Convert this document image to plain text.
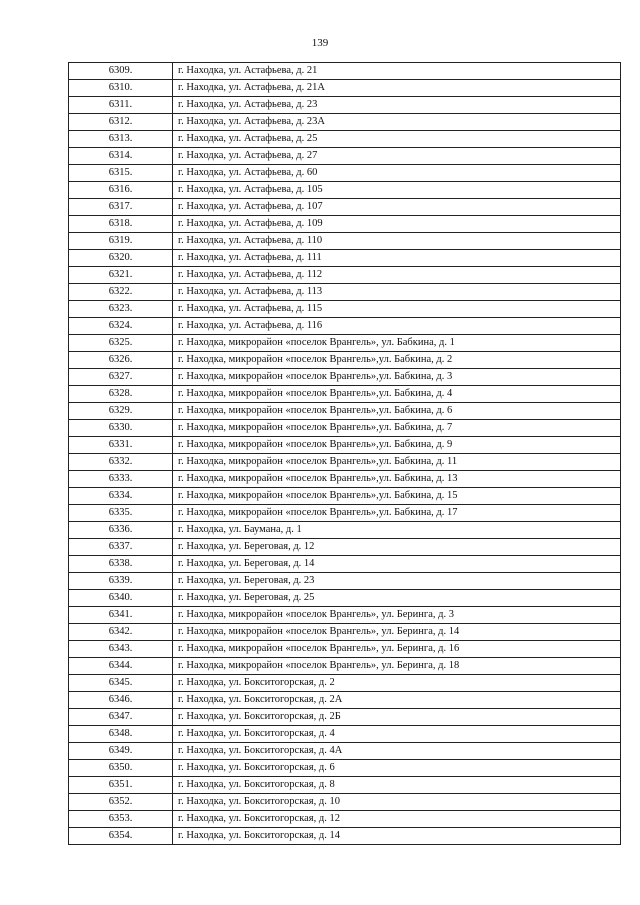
139
6309.	г. Находка, ул. Астафьева, д. 21
6310.	г. Находка, ул. Астафьева, д. 21А
6311.	г. Находка, ул. Астафьева, д. 23
6312.	г. Находка, ул. Астафьева, д. 23А
6313.	г. Находка, ул. Астафьева, д. 25
6314.	г. Находка, ул. Астафьева, д. 27
6315.	г. Находка, ул. Астафьева, д. 60
6316.	г. Находка, ул. Астафьева, д. 105
6317.	г. Находка, ул. Астафьева, д. 107
6318.	г. Находка, ул. Астафьева, д. 109
6319.	г. Находка, ул. Астафьева, д. 110
6320.	г. Находка, ул. Астафьева, д. 111
6321.	г. Находка, ул. Астафьева, д. 112
6322.	г. Находка, ул. Астафьева, д. 113
6323.	г. Находка, ул. Астафьева, д. 115
6324.	г. Находка, ул. Астафьева, д. 116
6325.	г. Находка, микрорайон «поселок Врангель», ул. Бабкина, д. 1
6326.	г. Находка, микрорайон «поселок Врангель»,ул. Бабкина, д. 2
6327.	г. Находка, микрорайон «поселок Врангель»,ул. Бабкина, д. 3
6328.	г. Находка, микрорайон «поселок Врангель»,ул. Бабкина, д. 4
6329.	г. Находка, микрорайон «поселок Врангель»,ул. Бабкина, д. 6
6330.	г. Находка, микрорайон «поселок Врангель»,ул. Бабкина, д. 7
6331.	г. Находка, микрорайон «поселок Врангель»,ул. Бабкина, д. 9
6332.	г. Находка, микрорайон «поселок Врангель»,ул. Бабкина, д. 11
6333.	г. Находка, микрорайон «поселок Врангель»,ул. Бабкина, д. 13
6334.	г. Находка, микрорайон «поселок Врангель»,ул. Бабкина, д. 15
6335.	г. Находка, микрорайон «поселок Врангель»,ул. Бабкина, д. 17
6336.	г. Находка, ул. Баумана, д. 1
6337.	г. Находка, ул. Береговая, д. 12
6338.	г. Находка, ул. Береговая, д. 14
6339.	г. Находка, ул. Береговая, д. 23
6340.	г. Находка, ул. Береговая, д. 25
6341.	г. Находка, микрорайон «поселок Врангель», ул. Беринга, д. 3
6342.	г. Находка, микрорайон «поселок Врангель», ул. Беринга, д. 14
6343.	г. Находка, микрорайон «поселок Врангель», ул. Беринга, д. 16
6344.	г. Находка, микрорайон «поселок Врангель», ул. Беринга, д. 18
6345.	г. Находка, ул. Бокситогорская, д. 2
6346.	г. Находка, ул. Бокситогорская, д. 2А
6347.	г. Находка, ул. Бокситогорская, д. 2Б
6348.	г. Находка, ул. Бокситогорская, д. 4
6349.	г. Находка, ул. Бокситогорская, д. 4А
6350.	г. Находка, ул. Бокситогорская, д. 6
6351.	г. Находка, ул. Бокситогорская, д. 8
6352.	г. Находка, ул. Бокситогорская, д. 10
6353.	г. Находка, ул. Бокситогорская, д. 12
6354.	г. Находка, ул. Бокситогорская, д. 14
